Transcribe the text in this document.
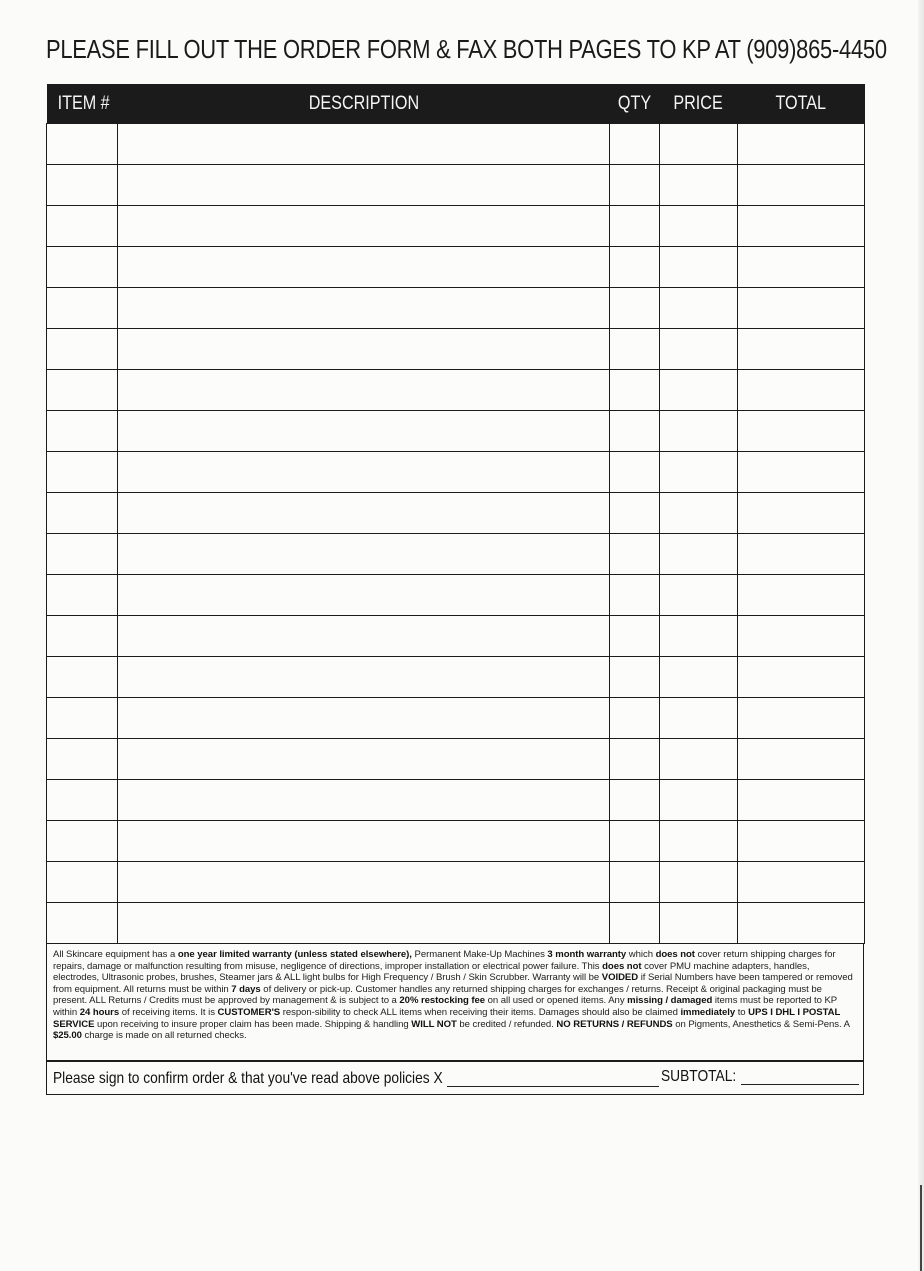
PLEASE FILL OUT THE ORDER FORM & FAX BOTH PAGES TO KP AT (909)865-4450
ITEM #	DESCRIPTION	QTY	PRICE	TOTAL

All Skincare equipment has a one year limited warranty (unless stated elsewhere), Permanent Make-Up Machines 3 month warranty which does not cover return shipping charges for repairs, damage or malfunction resulting from misuse, negligence of directions, improper installation or electrical power failure. This does not cover PMU machine adapters, handles, electrodes, Ultrasonic probes, brushes, Steamer jars & ALL light bulbs for High Frequency / Brush / Skin Scrubber. Warranty will be VOIDED if Serial Numbers have been tampered or removed from equipment. All returns must be within 7 days of delivery or pick-up. Customer handles any returned shipping charges for exchanges / returns. Receipt & original packaging must be present. ALL Returns / Credits must be approved by management & is subject to a 20% restocking fee on all used or opened items. Any missing / damaged items must be reported to KP within 24 hours of receiving items. It is CUSTOMER'S respon-sibility to check ALL items when receiving their items. Damages should also be claimed immediately to UPS I DHL I POSTAL SERVICE upon receiving to insure proper claim has been made. Shipping & handling WILL NOT be credited / refunded. NO RETURNS / REFUNDS on Pigments, Anesthetics & Semi-Pens. A $25.00 charge is made on all returned checks.
Please sign to confirm order & that you've read above policies X	SUBTOTAL:
